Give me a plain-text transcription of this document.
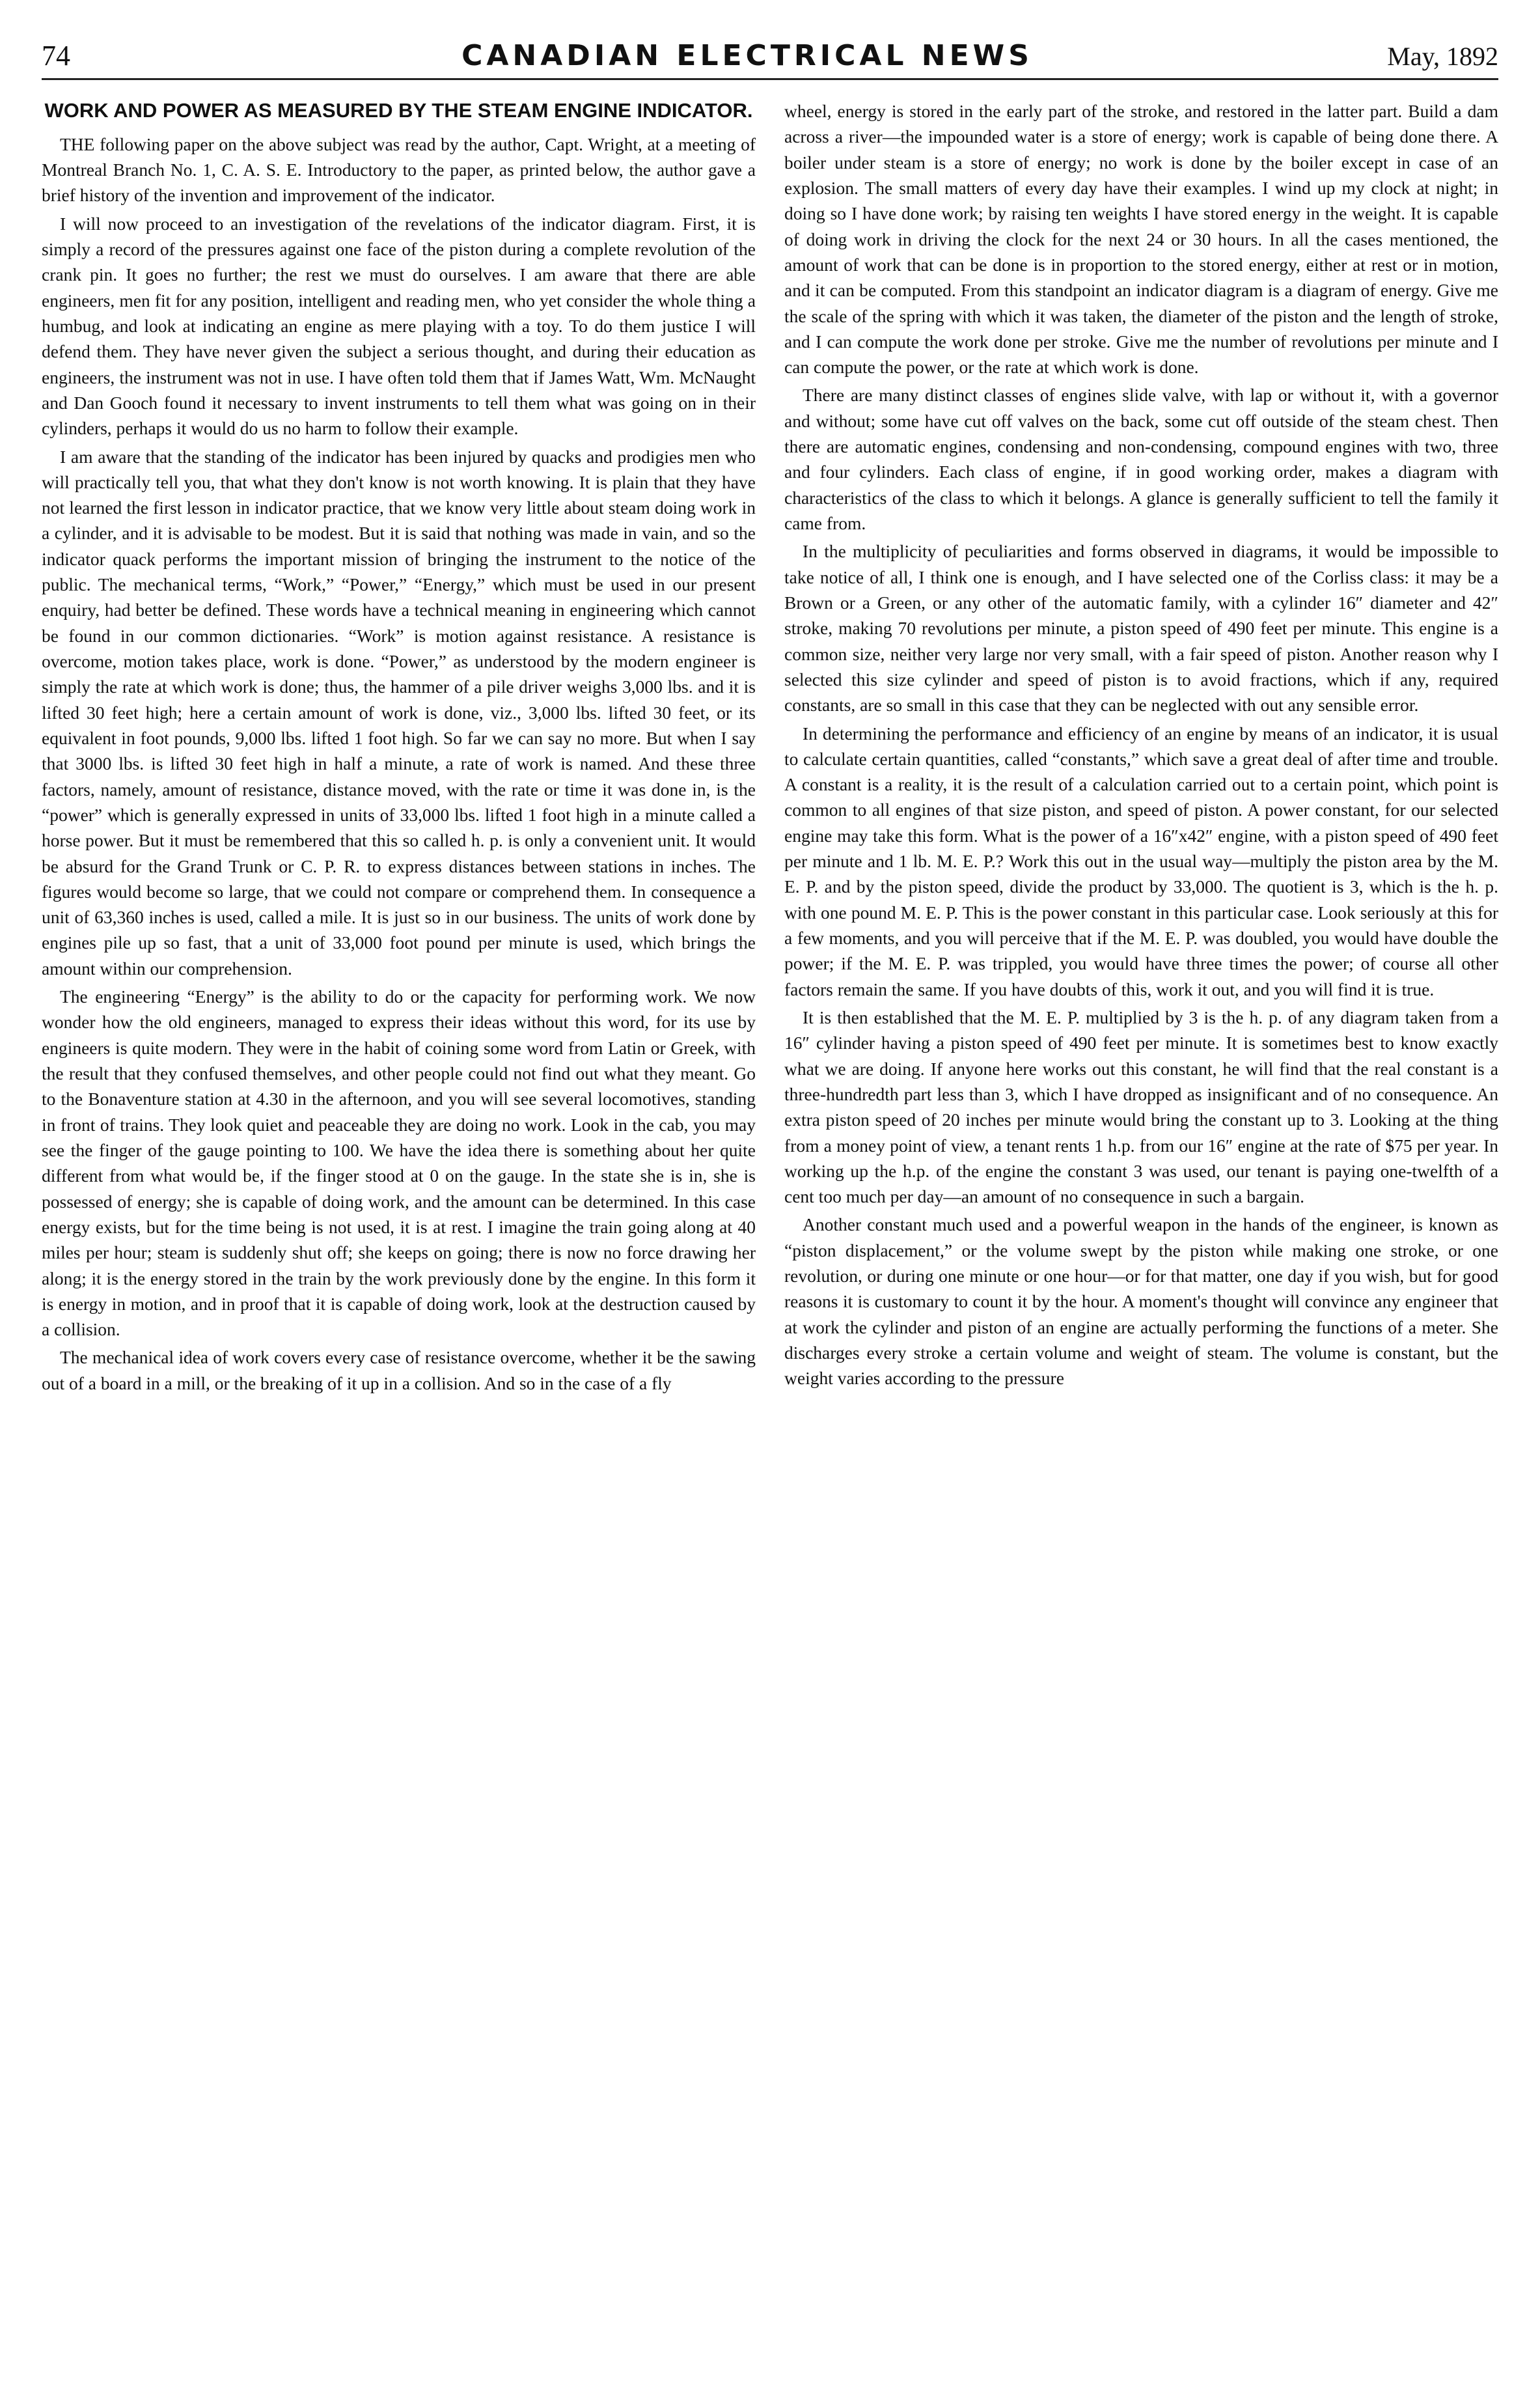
74	CANADIAN ELECTRICAL NEWS	May, 1892
WORK AND POWER AS MEASURED BY THE STEAM ENGINE INDICATOR.

THE following paper on the above subject was read by the author, Capt. Wright, at a meeting of Montreal Branch No. 1, C. A. S. E. Introductory to the paper, as printed below, the author gave a brief history of the invention and improvement of the indicator.

I will now proceed to an investigation of the revelations of the indicator diagram. First, it is simply a record of the pressures against one face of the piston during a complete revolution of the crank pin. It goes no further; the rest we must do ourselves. I am aware that there are able engineers, men fit for any position, intelligent and reading men, who yet consider the whole thing a humbug, and look at indicating an engine as mere playing with a toy. To do them justice I will defend them. They have never given the subject a serious thought, and during their education as engineers, the instrument was not in use. I have often told them that if James Watt, Wm. McNaught and Dan Gooch found it necessary to invent instruments to tell them what was going on in their cylinders, perhaps it would do us no harm to follow their example.

I am aware that the standing of the indicator has been injured by quacks and prodigies men who will practically tell you, that what they don't know is not worth knowing. It is plain that they have not learned the first lesson in indicator practice, that we know very little about steam doing work in a cylinder, and it is advisable to be modest. But it is said that nothing was made in vain, and so the indicator quack performs the important mission of bringing the instrument to the notice of the public. The mechanical terms, “Work,” “Power,” “Energy,” which must be used in our present enquiry, had better be defined. These words have a technical meaning in engineering which cannot be found in our common dictionaries. “Work” is motion against resistance. A resistance is overcome, motion takes place, work is done. “Power,” as understood by the modern engineer is simply the rate at which work is done; thus, the hammer of a pile driver weighs 3,000 lbs. and it is lifted 30 feet high; here a certain amount of work is done, viz., 3,000 lbs. lifted 30 feet, or its equivalent in foot pounds, 9,000 lbs. lifted 1 foot high. So far we can say no more. But when I say that 3000 lbs. is lifted 30 feet high in half a minute, a rate of work is named. And these three factors, namely, amount of resistance, distance moved, with the rate or time it was done in, is the “power” which is generally expressed in units of 33,000 lbs. lifted 1 foot high in a minute called a horse power. But it must be remembered that this so called h. p. is only a convenient unit. It would be absurd for the Grand Trunk or C. P. R. to express distances between stations in inches. The figures would become so large, that we could not compare or comprehend them. In consequence a unit of 63,360 inches is used, called a mile. It is just so in our business. The units of work done by engines pile up so fast, that a unit of 33,000 foot pound per minute is used, which brings the amount within our comprehension.

The engineering “Energy” is the ability to do or the capacity for performing work. We now wonder how the old engineers, managed to express their ideas without this word, for its use by engineers is quite modern. They were in the habit of coining some word from Latin or Greek, with the result that they confused themselves, and other people could not find out what they meant. Go to the Bonaventure station at 4.30 in the afternoon, and you will see several locomotives, standing in front of trains. They look quiet and peaceable they are doing no work. Look in the cab, you may see the finger of the gauge pointing to 100. We have the idea there is something about her quite different from what would be, if the finger stood at 0 on the gauge. In the state she is in, she is possessed of energy; she is capable of doing work, and the amount can be determined. In this case energy exists, but for the time being is not used, it is at rest. I imagine the train going along at 40 miles per hour; steam is suddenly shut off; she keeps on going; there is now no force drawing her along; it is the energy stored in the train by the work previously done by the engine. In this form it is energy in motion, and in proof that it is capable of doing work, look at the destruction caused by a collision.

The mechanical idea of work covers every case of resistance overcome, whether it be the sawing out of a board in a mill, or the breaking of it up in a collision. And so in the case of a fly

wheel, energy is stored in the early part of the stroke, and restored in the latter part. Build a dam across a river—the impounded water is a store of energy; work is capable of being done there. A boiler under steam is a store of energy; no work is done by the boiler except in case of an explosion. The small matters of every day have their examples. I wind up my clock at night; in doing so I have done work; by raising ten weights I have stored energy in the weight. It is capable of doing work in driving the clock for the next 24 or 30 hours. In all the cases mentioned, the amount of work that can be done is in proportion to the stored energy, either at rest or in motion, and it can be computed. From this standpoint an indicator diagram is a diagram of energy. Give me the scale of the spring with which it was taken, the diameter of the piston and the length of stroke, and I can compute the work done per stroke. Give me the number of revolutions per minute and I can compute the power, or the rate at which work is done.

There are many distinct classes of engines slide valve, with lap or without it, with a governor and without; some have cut off valves on the back, some cut off outside of the steam chest. Then there are automatic engines, condensing and non-condensing, compound engines with two, three and four cylinders. Each class of engine, if in good working order, makes a diagram with characteristics of the class to which it belongs. A glance is generally sufficient to tell the family it came from.

In the multiplicity of peculiarities and forms observed in diagrams, it would be impossible to take notice of all, I think one is enough, and I have selected one of the Corliss class: it may be a Brown or a Green, or any other of the automatic family, with a cylinder 16″ diameter and 42″ stroke, making 70 revolutions per minute, a piston speed of 490 feet per minute. This engine is a common size, neither very large nor very small, with a fair speed of piston. Another reason why I selected this size cylinder and speed of piston is to avoid fractions, which if any, required constants, are so small in this case that they can be neglected with out any sensible error.

In determining the performance and efficiency of an engine by means of an indicator, it is usual to calculate certain quantities, called “constants,” which save a great deal of after time and trouble. A constant is a reality, it is the result of a calculation carried out to a certain point, which point is common to all engines of that size piston, and speed of piston. A power constant, for our selected engine may take this form. What is the power of a 16″x42″ engine, with a piston speed of 490 feet per minute and 1 lb. M. E. P.? Work this out in the usual way—multiply the piston area by the M. E. P. and by the piston speed, divide the product by 33,000. The quotient is 3, which is the h. p. with one pound M. E. P. This is the power constant in this particular case. Look seriously at this for a few moments, and you will perceive that if the M. E. P. was doubled, you would have double the power; if the M. E. P. was trippled, you would have three times the power; of course all other factors remain the same. If you have doubts of this, work it out, and you will find it is true.

It is then established that the M. E. P. multiplied by 3 is the h. p. of any diagram taken from a 16″ cylinder having a piston speed of 490 feet per minute. It is sometimes best to know exactly what we are doing. If anyone here works out this constant, he will find that the real constant is a three-hundredth part less than 3, which I have dropped as insignificant and of no consequence. An extra piston speed of 20 inches per minute would bring the constant up to 3. Looking at the thing from a money point of view, a tenant rents 1 h.p. from our 16″ engine at the rate of $75 per year. In working up the h.p. of the engine the constant 3 was used, our tenant is paying one-twelfth of a cent too much per day—an amount of no consequence in such a bargain.

Another constant much used and a powerful weapon in the hands of the engineer, is known as “piston displacement,” or the volume swept by the piston while making one stroke, or one revolution, or during one minute or one hour—or for that matter, one day if you wish, but for good reasons it is customary to count it by the hour. A moment's thought will convince any engineer that at work the cylinder and piston of an engine are actually performing the functions of a meter. She discharges every stroke a certain volume and weight of steam. The volume is constant, but the weight varies according to the pressure
